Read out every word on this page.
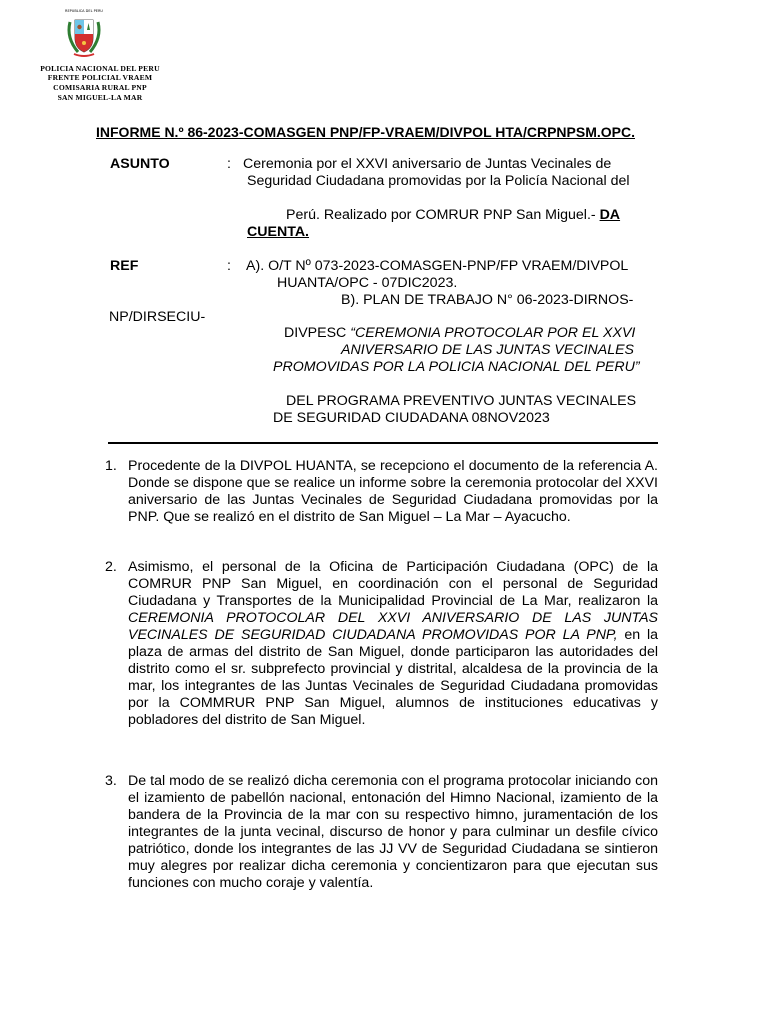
REPUBLICA DEL PERU
POLICIA NACIONAL DEL PERU
FRENTE POLICIAL VRAEM
COMISARIA RURAL PNP
SAN MIGUEL-LA MAR
INFORME N.º 86-2023-COMASGEN PNP/FP-VRAEM/DIVPOL HTA/CRPNPSM.OPC.
ASUNTO	: Ceremonia por el XXVI aniversario de Juntas Vecinales de
Seguridad Ciudadana promovidas por la Policía Nacional del
Perú. Realizado por COMRUR PNP San Miguel.- DA
CUENTA.
REF	: A). O/T Nº 073-2023-COMASGEN-PNP/FP VRAEM/DIVPOL
HUANTA/OPC - 07DIC2023.
B). PLAN DE TRABAJO N° 06-2023-DIRNOS-
NP/DIRSECIU-
DIVPESC “CEREMONIA PROTOCOLAR POR EL XXVI
ANIVERSARIO DE LAS JUNTAS VECINALES
PROMOVIDAS POR LA POLICIA NACIONAL DEL PERU”
DEL PROGRAMA PREVENTIVO JUNTAS VECINALES
DE SEGURIDAD CIUDADANA 08NOV2023
1. Procedente de la DIVPOL HUANTA, se recepciono el documento de la referencia A. Donde se dispone que se realice un informe sobre la ceremonia protocolar del XXVI aniversario de las Juntas Vecinales de Seguridad Ciudadana promovidas por la PNP. Que se realizó en el distrito de San Miguel – La Mar – Ayacucho.
2. Asimismo, el personal de la Oficina de Participación Ciudadana (OPC) de la COMRUR PNP San Miguel, en coordinación con el personal de Seguridad Ciudadana y Transportes de la Municipalidad Provincial de La Mar, realizaron la CEREMONIA PROTOCOLAR DEL XXVI ANIVERSARIO DE LAS JUNTAS VECINALES DE SEGURIDAD CIUDADANA PROMOVIDAS POR LA PNP, en la plaza de armas del distrito de San Miguel, donde participaron las autoridades del distrito como el sr. subprefecto provincial y distrital, alcaldesa de la provincia de la mar, los integrantes de las Juntas Vecinales de Seguridad Ciudadana promovidas por la COMMRUR PNP San Miguel, alumnos de instituciones educativas y pobladores del distrito de San Miguel.
3. De tal modo de se realizó dicha ceremonia con el programa protocolar iniciando con el izamiento de pabellón nacional, entonación del Himno Nacional, izamiento de la bandera de la Provincia de la mar con su respectivo himno, juramentación de los integrantes de la junta vecinal, discurso de honor y para culminar un desfile cívico patriótico, donde los integrantes de las JJ VV de Seguridad Ciudadana se sintieron muy alegres por realizar dicha ceremonia y concientizaron para que ejecutan sus funciones con mucho coraje y valentía.
